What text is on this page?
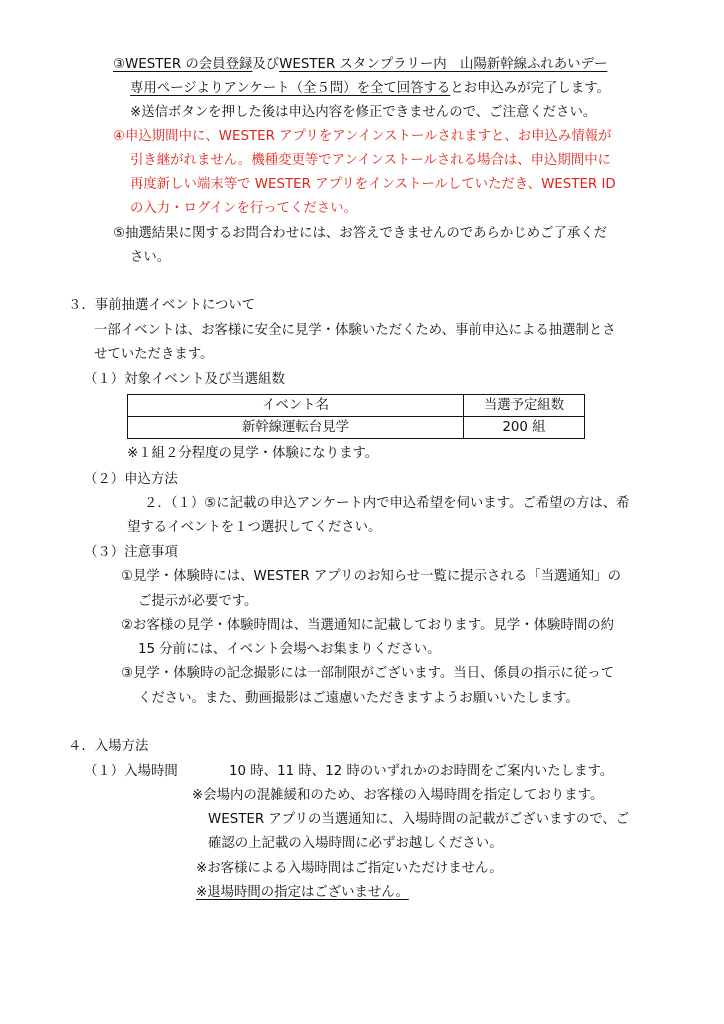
③WESTER の会員登録及びWESTER スタンプラリー内　山陽新幹線ふれあいデー
専用ページよりアンケート（全５問）を全て回答するとお申込みが完了します。
※送信ボタンを押した後は申込内容を修正できませんので、ご注意ください。
④申込期間中に、WESTER アプリをアンインストールされますと、お申込み情報が
引き継がれません。機種変更等でアンインストールされる場合は、申込期間中に
再度新しい端末等で WESTER アプリをインストールしていただき、WESTER ID
の入力・ログインを行ってください。
⑤抽選結果に関するお問合わせには、お答えできませんのであらかじめご了承くだ
さい。
３．事前抽選イベントについて
一部イベントは、お客様に安全に見学・体験いただくため、事前申込による抽選制とさ
せていただきます。
（１）対象イベント及び当選組数
イベント名	当選予定組数
新幹線運転台見学	200 組
※１組２分程度の見学・体験になります。
（２）申込方法
２．（１）⑤に記載の申込アンケート内で申込希望を伺います。ご希望の方は、希
望するイベントを１つ選択してください。
（３）注意事項
①見学・体験時には、WESTER アプリのお知らせ一覧に提示される「当選通知」の
ご提示が必要です。
②お客様の見学・体験時間は、当選通知に記載しております。見学・体験時間の約
15 分前には、イベント会場へお集まりください。
③見学・体験時の記念撮影には一部制限がございます。当日、係員の指示に従って
ください。また、動画撮影はご遠慮いただきますようお願いいたします。
４．入場方法
（１）入場時間	10 時、11 時、12 時のいずれかのお時間をご案内いたします。
※会場内の混雑緩和のため、お客様の入場時間を指定しております。
WESTER アプリの当選通知に、入場時間の記載がございますので、ご
確認の上記載の入場時間に必ずお越しください。
※お客様による入場時間はご指定いただけません。
※退場時間の指定はございません。
